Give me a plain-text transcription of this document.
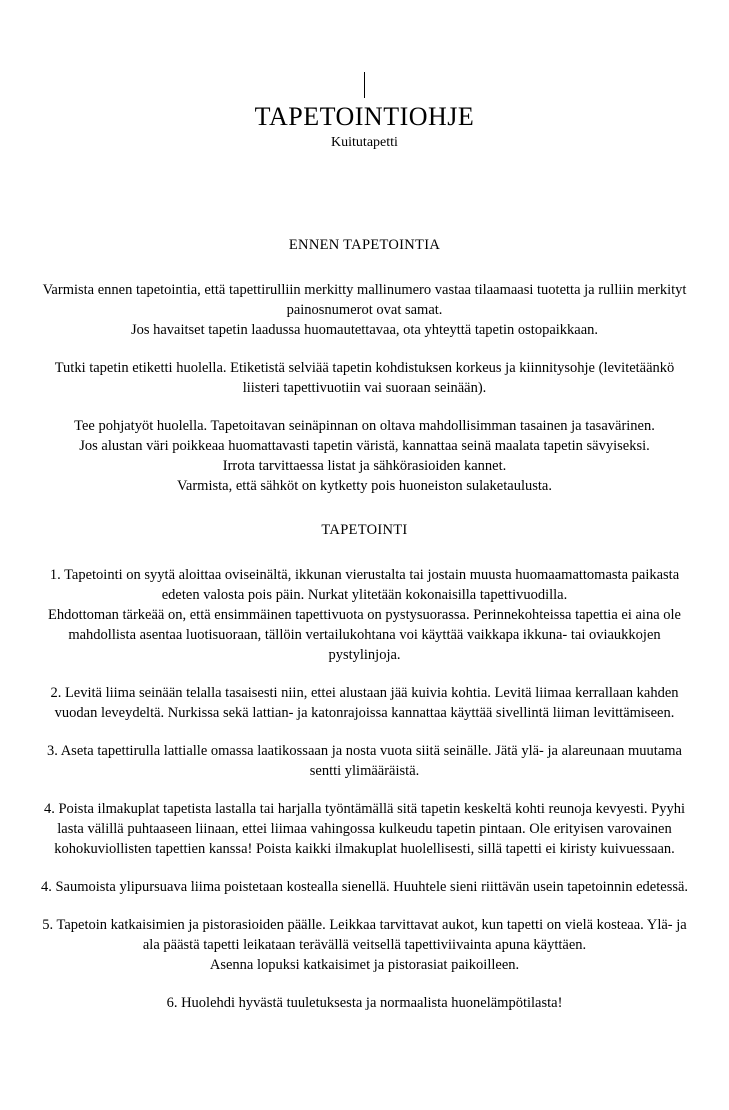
TAPETOINTIOHJE
Kuitutapetti
ENNEN TAPETOINTIA

Varmista ennen tapetointia, että tapettirulliin merkitty mallinumero vastaa tilaamaasi tuotetta ja rulliin merkityt painosnumerot ovat samat.
Jos havaitset tapetin laadussa huomautettavaa, ota yhteyttä tapetin ostopaikkaan.

Tutki tapetin etiketti huolella. Etiketistä selviää tapetin kohdistuksen korkeus ja kiinnitysohje (levitetäänkö liisteri tapettivuotiin vai suoraan seinään).

Tee pohjatyöt huolella. Tapetoitavan seinäpinnan on oltava mahdollisimman tasainen ja tasavärinen.
Jos alustan väri poikkeaa huomattavasti tapetin väristä, kannattaa seinä maalata tapetin sävyiseksi.
Irrota tarvittaessa listat ja sähkörasioiden kannet.
Varmista, että sähköt on kytketty pois huoneiston sulaketaulusta.

TAPETOINTI

1. Tapetointi on syytä aloittaa oviseinältä, ikkunan vierustalta tai jostain muusta huomaamattomasta paikasta edeten valosta pois päin. Nurkat ylitetään kokonaisilla tapettivuodilla.
Ehdottoman tärkeää on, että ensimmäinen tapettivuota on pystysuorassa. Perinnekohteissa tapettia ei aina ole mahdollista asentaa luotisuoraan, tällöin vertailukohtana voi käyttää vaikkapa ikkuna- tai oviaukkojen pystylinjoja.

2. Levitä liima seinään telalla tasaisesti niin, ettei alustaan jää kuivia kohtia. Levitä liimaa kerrallaan kahden vuodan leveydeltä. Nurkissa sekä lattian- ja katonrajoissa kannattaa käyttää sivellintä liiman levittämiseen.

3. Aseta tapettirulla lattialle omassa laatikossaan ja nosta vuota siitä seinälle. Jätä ylä- ja alareunaan muutama sentti ylimääräistä.

4. Poista ilmakuplat tapetista lastalla tai harjalla työntämällä sitä tapetin keskeltä kohti reunoja kevyesti. Pyyhi lasta välillä puhtaaseen liinaan, ettei liimaa vahingossa kulkeudu tapetin pintaan. Ole erityisen varovainen kohokuviollisten tapettien kanssa! Poista kaikki ilmakuplat huolellisesti, sillä tapetti ei kiristy kuivuessaan.

4. Saumoista ylipursuava liima poistetaan kostealla sienellä. Huuhtele sieni riittävän usein tapetoinnin edetessä.

5. Tapetoin katkaisimien ja pistorasioiden päälle. Leikkaa tarvittavat aukot, kun tapetti on vielä kosteaa. Ylä- ja ala päästä tapetti leikataan terävällä veitsellä tapettiviivainta apuna käyttäen.
Asenna lopuksi katkaisimet ja pistorasiat paikoilleen.

6. Huolehdi hyvästä tuuletuksesta ja normaalista huonelämpötilasta!
